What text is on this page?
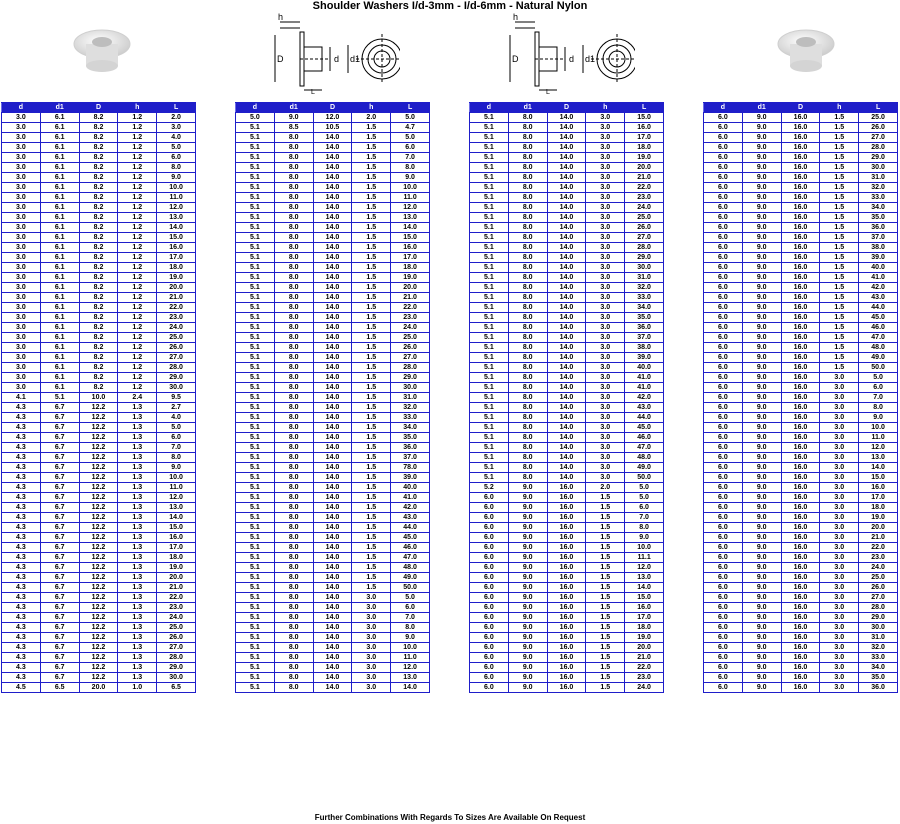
Shoulder Washers I/d-3mm - I/d-6mm - Natural Nylon
h
D	d d1
L
h
D	d d1
L
d	d1	D	h	L
3.0	6.1	8.2	1.2	2.0
3.0	6.1	8.2	1.2	3.0
3.0	6.1	8.2	1.2	4.0
3.0	6.1	8.2	1.2	5.0
3.0	6.1	8.2	1.2	6.0
3.0	6.1	8.2	1.2	8.0
3.0	6.1	8.2	1.2	9.0
3.0	6.1	8.2	1.2	10.0
3.0	6.1	8.2	1.2	11.0
3.0	6.1	8.2	1.2	12.0
3.0	6.1	8.2	1.2	13.0
3.0	6.1	8.2	1.2	14.0
3.0	6.1	8.2	1.2	15.0
3.0	6.1	8.2	1.2	16.0
3.0	6.1	8.2	1.2	17.0
3.0	6.1	8.2	1.2	18.0
3.0	6.1	8.2	1.2	19.0
3.0	6.1	8.2	1.2	20.0
3.0	6.1	8.2	1.2	21.0
3.0	6.1	8.2	1.2	22.0
3.0	6.1	8.2	1.2	23.0
3.0	6.1	8.2	1.2	24.0
3.0	6.1	8.2	1.2	25.0
3.0	6.1	8.2	1.2	26.0
3.0	6.1	8.2	1.2	27.0
3.0	6.1	8.2	1.2	28.0
3.0	6.1	8.2	1.2	29.0
3.0	6.1	8.2	1.2	30.0
4.1	5.1	10.0	2.4	9.5
4.3	6.7	12.2	1.3	2.7
4.3	6.7	12.2	1.3	4.0
4.3	6.7	12.2	1.3	5.0
4.3	6.7	12.2	1.3	6.0
4.3	6.7	12.2	1.3	7.0
4.3	6.7	12.2	1.3	8.0
4.3	6.7	12.2	1.3	9.0
4.3	6.7	12.2	1.3	10.0
4.3	6.7	12.2	1.3	11.0
4.3	6.7	12.2	1.3	12.0
4.3	6.7	12.2	1.3	13.0
4.3	6.7	12.2	1.3	14.0
4.3	6.7	12.2	1.3	15.0
4.3	6.7	12.2	1.3	16.0
4.3	6.7	12.2	1.3	17.0
4.3	6.7	12.2	1.3	18.0
4.3	6.7	12.2	1.3	19.0
4.3	6.7	12.2	1.3	20.0
4.3	6.7	12.2	1.3	21.0
4.3	6.7	12.2	1.3	22.0
4.3	6.7	12.2	1.3	23.0
4.3	6.7	12.2	1.3	24.0
4.3	6.7	12.2	1.3	25.0
4.3	6.7	12.2	1.3	26.0
4.3	6.7	12.2	1.3	27.0
4.3	6.7	12.2	1.3	28.0
4.3	6.7	12.2	1.3	29.0
4.3	6.7	12.2	1.3	30.0
4.5	6.5	20.0	1.0	6.5
d	d1	D	h	L
5.0	9.0	12.0	2.0	5.0
5.1	8.5	10.5	1.5	4.7
5.1	8.0	14.0	1.5	5.0
5.1	8.0	14.0	1.5	6.0
5.1	8.0	14.0	1.5	7.0
5.1	8.0	14.0	1.5	8.0
5.1	8.0	14.0	1.5	9.0
5.1	8.0	14.0	1.5	10.0
5.1	8.0	14.0	1.5	11.0
5.1	8.0	14.0	1.5	12.0
5.1	8.0	14.0	1.5	13.0
5.1	8.0	14.0	1.5	14.0
5.1	8.0	14.0	1.5	15.0
5.1	8.0	14.0	1.5	16.0
5.1	8.0	14.0	1.5	17.0
5.1	8.0	14.0	1.5	18.0
5.1	8.0	14.0	1.5	19.0
5.1	8.0	14.0	1.5	20.0
5.1	8.0	14.0	1.5	21.0
5.1	8.0	14.0	1.5	22.0
5.1	8.0	14.0	1.5	23.0
5.1	8.0	14.0	1.5	24.0
5.1	8.0	14.0	1.5	25.0
5.1	8.0	14.0	1.5	26.0
5.1	8.0	14.0	1.5	27.0
5.1	8.0	14.0	1.5	28.0
5.1	8.0	14.0	1.5	29.0
5.1	8.0	14.0	1.5	30.0
5.1	8.0	14.0	1.5	31.0
5.1	8.0	14.0	1.5	32.0
5.1	8.0	14.0	1.5	33.0
5.1	8.0	14.0	1.5	34.0
5.1	8.0	14.0	1.5	35.0
5.1	8.0	14.0	1.5	36.0
5.1	8.0	14.0	1.5	37.0
5.1	8.0	14.0	1.5	78.0
5.1	8.0	14.0	1.5	39.0
5.1	8.0	14.0	1.5	40.0
5.1	8.0	14.0	1.5	41.0
5.1	8.0	14.0	1.5	42.0
5.1	8.0	14.0	1.5	43.0
5.1	8.0	14.0	1.5	44.0
5.1	8.0	14.0	1.5	45.0
5.1	8.0	14.0	1.5	46.0
5.1	8.0	14.0	1.5	47.0
5.1	8.0	14.0	1.5	48.0
5.1	8.0	14.0	1.5	49.0
5.1	8.0	14.0	1.5	50.0
5.1	8.0	14.0	3.0	5.0
5.1	8.0	14.0	3.0	6.0
5.1	8.0	14.0	3.0	7.0
5.1	8.0	14.0	3.0	8.0
5.1	8.0	14.0	3.0	9.0
5.1	8.0	14.0	3.0	10.0
5.1	8.0	14.0	3.0	11.0
5.1	8.0	14.0	3.0	12.0
5.1	8.0	14.0	3.0	13.0
5.1	8.0	14.0	3.0	14.0
d	d1	D	h	L
5.1	8.0	14.0	3.0	15.0
5.1	8.0	14.0	3.0	16.0
5.1	8.0	14.0	3.0	17.0
5.1	8.0	14.0	3.0	18.0
5.1	8.0	14.0	3.0	19.0
5.1	8.0	14.0	3.0	20.0
5.1	8.0	14.0	3.0	21.0
5.1	8.0	14.0	3.0	22.0
5.1	8.0	14.0	3.0	23.0
5.1	8.0	14.0	3.0	24.0
5.1	8.0	14.0	3.0	25.0
5.1	8.0	14.0	3.0	26.0
5.1	8.0	14.0	3.0	27.0
5.1	8.0	14.0	3.0	28.0
5.1	8.0	14.0	3.0	29.0
5.1	8.0	14.0	3.0	30.0
5.1	8.0	14.0	3.0	31.0
5.1	8.0	14.0	3.0	32.0
5.1	8.0	14.0	3.0	33.0
5.1	8.0	14.0	3.0	34.0
5.1	8.0	14.0	3.0	35.0
5.1	8.0	14.0	3.0	36.0
5.1	8.0	14.0	3.0	37.0
5.1	8.0	14.0	3.0	38.0
5.1	8.0	14.0	3.0	39.0
5.1	8.0	14.0	3.0	40.0
5.1	8.0	14.0	3.0	41.0
5.1	8.0	14.0	3.0	41.0
5.1	8.0	14.0	3.0	42.0
5.1	8.0	14.0	3.0	43.0
5.1	8.0	14.0	3.0	44.0
5.1	8.0	14.0	3.0	45.0
5.1	8.0	14.0	3.0	46.0
5.1	8.0	14.0	3.0	47.0
5.1	8.0	14.0	3.0	48.0
5.1	8.0	14.0	3.0	49.0
5.1	8.0	14.0	3.0	50.0
5.2	9.0	16.0	2.0	5.0
6.0	9.0	16.0	1.5	5.0
6.0	9.0	16.0	1.5	6.0
6.0	9.0	16.0	1.5	7.0
6.0	9.0	16.0	1.5	8.0
6.0	9.0	16.0	1.5	9.0
6.0	9.0	16.0	1.5	10.0
6.0	9.0	16.0	1.5	11.1
6.0	9.0	16.0	1.5	12.0
6.0	9.0	16.0	1.5	13.0
6.0	9.0	16.0	1.5	14.0
6.0	9.0	16.0	1.5	15.0
6.0	9.0	16.0	1.5	16.0
6.0	9.0	16.0	1.5	17.0
6.0	9.0	16.0	1.5	18.0
6.0	9.0	16.0	1.5	19.0
6.0	9.0	16.0	1.5	20.0
6.0	9.0	16.0	1.5	21.0
6.0	9.0	16.0	1.5	22.0
6.0	9.0	16.0	1.5	23.0
6.0	9.0	16.0	1.5	24.0
d	d1	D	h	L
6.0	9.0	16.0	1.5	25.0
6.0	9.0	16.0	1.5	26.0
6.0	9.0	16.0	1.5	27.0
6.0	9.0	16.0	1.5	28.0
6.0	9.0	16.0	1.5	29.0
6.0	9.0	16.0	1.5	30.0
6.0	9.0	16.0	1.5	31.0
6.0	9.0	16.0	1.5	32.0
6.0	9.0	16.0	1.5	33.0
6.0	9.0	16.0	1.5	34.0
6.0	9.0	16.0	1.5	35.0
6.0	9.0	16.0	1.5	36.0
6.0	9.0	16.0	1.5	37.0
6.0	9.0	16.0	1.5	38.0
6.0	9.0	16.0	1.5	39.0
6.0	9.0	16.0	1.5	40.0
6.0	9.0	16.0	1.5	41.0
6.0	9.0	16.0	1.5	42.0
6.0	9.0	16.0	1.5	43.0
6.0	9.0	16.0	1.5	44.0
6.0	9.0	16.0	1.5	45.0
6.0	9.0	16.0	1.5	46.0
6.0	9.0	16.0	1.5	47.0
6.0	9.0	16.0	1.5	48.0
6.0	9.0	16.0	1.5	49.0
6.0	9.0	16.0	1.5	50.0
6.0	9.0	16.0	3.0	5.0
6.0	9.0	16.0	3.0	6.0
6.0	9.0	16.0	3.0	7.0
6.0	9.0	16.0	3.0	8.0
6.0	9.0	16.0	3.0	9.0
6.0	9.0	16.0	3.0	10.0
6.0	9.0	16.0	3.0	11.0
6.0	9.0	16.0	3.0	12.0
6.0	9.0	16.0	3.0	13.0
6.0	9.0	16.0	3.0	14.0
6.0	9.0	16.0	3.0	15.0
6.0	9.0	16.0	3.0	16.0
6.0	9.0	16.0	3.0	17.0
6.0	9.0	16.0	3.0	18.0
6.0	9.0	16.0	3.0	19.0
6.0	9.0	16.0	3.0	20.0
6.0	9.0	16.0	3.0	21.0
6.0	9.0	16.0	3.0	22.0
6.0	9.0	16.0	3.0	23.0
6.0	9.0	16.0	3.0	24.0
6.0	9.0	16.0	3.0	25.0
6.0	9.0	16.0	3.0	26.0
6.0	9.0	16.0	3.0	27.0
6.0	9.0	16.0	3.0	28.0
6.0	9.0	16.0	3.0	29.0
6.0	9.0	16.0	3.0	30.0
6.0	9.0	16.0	3.0	31.0
6.0	9.0	16.0	3.0	32.0
6.0	9.0	16.0	3.0	33.0
6.0	9.0	16.0	3.0	34.0
6.0	9.0	16.0	3.0	35.0
6.0	9.0	16.0	3.0	36.0
Further Combinations With Regards To Sizes Are Available On Request
